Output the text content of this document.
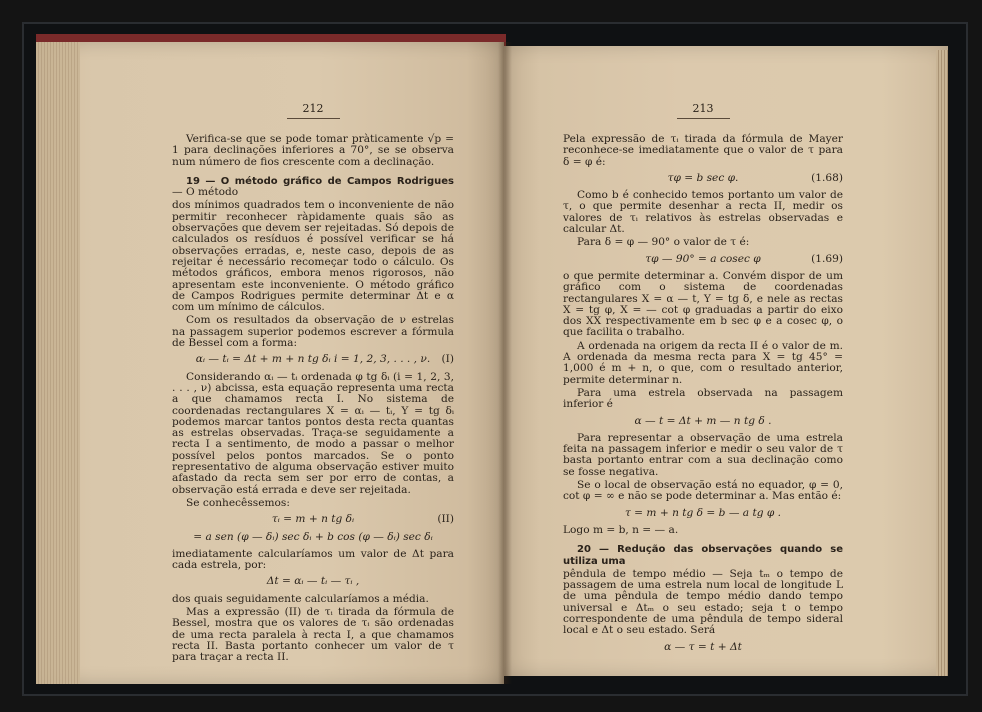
212

Verifica-se que se pode tomar pràticamente √p = 1 para declinações inferiores a 70°, se se observa num número de fios crescente com a declinação.

19 — O método gráfico de Campos Rodrigues — O método

dos mínimos quadrados tem o inconveniente de não permitir reconhecer ràpidamente quais são as observações que devem ser rejeitadas. Só depois de calculados os resíduos é possível verificar se há observações erradas, e, neste caso, depois de as rejeitar é necessário recomeçar todo o cálculo. Os métodos gráficos, embora menos rigorosos, não apresentam este inconveniente. O método gráfico de Campos Rodrigues permite determinar Δt e α com um mínimo de cálculos.

Com os resultados da observação de ν estrelas na passagem superior podemos escrever a fórmula de Bessel com a forma:

αᵢ — tᵢ = Δt + m + n tg δᵢ i = 1, 2, 3, . . . , ν. (I)

Considerando αᵢ — tᵢ ordenada φ tg δᵢ (i = 1, 2, 3, . . . , ν) abcissa, esta equação representa uma recta a que chamamos recta I. No sistema de coordenadas rectangulares X = αᵢ — tᵢ, Y = tg δᵢ podemos marcar tantos pontos desta recta quantas as estrelas observadas. Traça-se seguidamente a recta I a sentimento, de modo a passar o melhor possível pelos pontos marcados. Se o ponto representativo de alguma observação estiver muito afastado da recta sem ser por erro de contas, a observação está errada e deve ser rejeitada.

Se conhecêssemos:

τᵢ = m + n tg δᵢ	(II)
= a sen (φ — δᵢ) sec δᵢ + b cos (φ — δᵢ) sec δᵢ

imediatamente calcularíamos um valor de Δt para cada estrela, por:

Δt = αᵢ — tᵢ — τᵢ ,

dos quais seguidamente calcularíamos a média.

Mas a expressão (II) de τᵢ tirada da fórmula de Bessel, mostra que os valores de τᵢ são ordenadas de uma recta paralela à recta I, a que chamamos recta II. Basta portanto conhecer um valor de τ para traçar a recta II.

213

Pela expressão de τᵢ tirada da fórmula de Mayer reconhece-se imediatamente que o valor de τ para δ = φ é:

τφ = b sec φ.	(1.68)

Como b é conhecido temos portanto um valor de τ, o que permite desenhar a recta II, medir os valores de τᵢ relativos às estrelas observadas e calcular Δt.

Para δ = φ — 90° o valor de τ é:

τφ — 90° = a cosec φ	(1.69)

o que permite determinar a. Convém dispor de um gráfico com o sistema de coordenadas rectangulares X = α — t, Y = tg δ, e nele as rectas X = tg φ, X = — cot φ graduadas a partir do eixo dos XX respectivamente em b sec φ e a cosec φ, o que facilita o trabalho.

A ordenada na origem da recta II é o valor de m. A ordenada da mesma recta para X = tg 45° = 1,000 é m + n, o que, com o resultado anterior, permite determinar n.

Para uma estrela observada na passagem inferior é

α — t = Δt + m — n tg δ .

Para representar a observação de uma estrela feita na passagem inferior e medir o seu valor de τ basta portanto entrar com a sua declinação como se fosse negativa.

Se o local de observação está no equador, φ = 0, cot φ = ∞ e não se pode determinar a. Mas então é:

τ = m + n tg δ = b — a tg φ .

Logo m = b, n = — a.

20 — Redução das observações quando se utiliza uma

pêndula de tempo médio — Seja tₘ o tempo de passagem de uma estrela num local de longitude L de uma pêndula de tempo médio dando tempo universal e Δtₘ o seu estado; seja t o tempo correspondente de uma pêndula de tempo sideral local e Δt o seu estado. Será

α — τ = t + Δt
